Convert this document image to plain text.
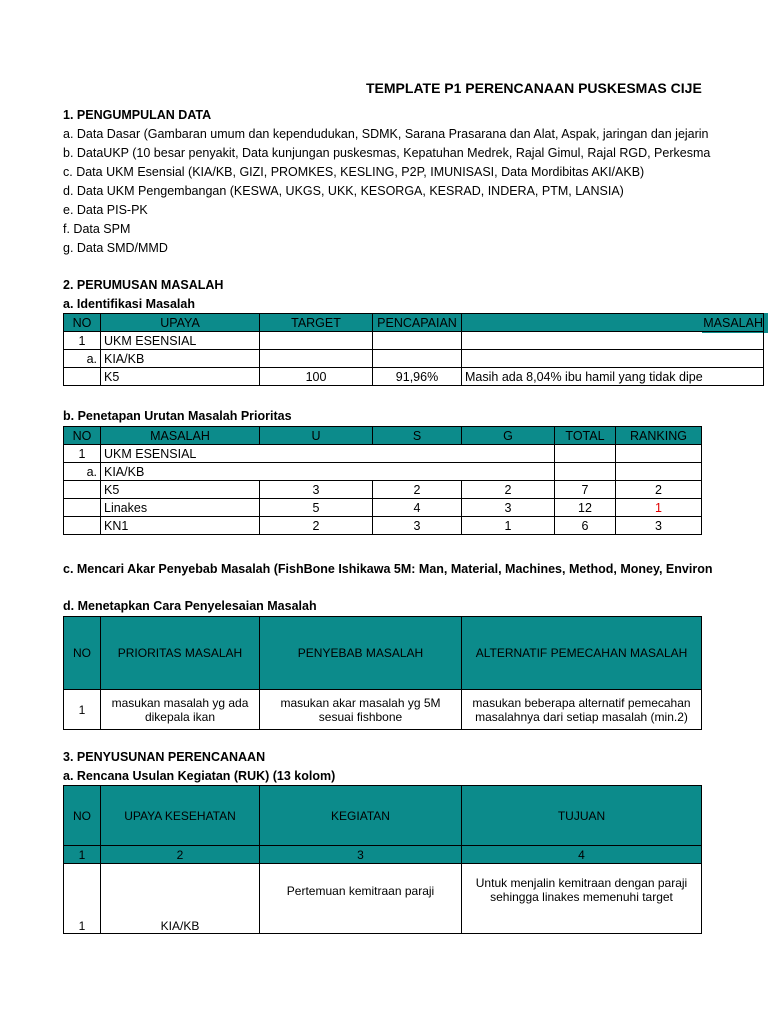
TEMPLATE P1 PERENCANAAN PUSKESMAS CIJE
1. PENGUMPULAN DATA
a. Data Dasar (Gambaran umum dan kependudukan, SDMK, Sarana Prasarana dan Alat, Aspak, jaringan dan jejarin
b. DataUKP (10 besar penyakit, Data kunjungan puskesmas, Kepatuhan Medrek, Rajal Gimul, Rajal RGD, Perkesma
c. Data UKM Esensial (KIA/KB, GIZI, PROMKES, KESLING, P2P, IMUNISASI, Data Mordibitas AKI/AKB)
d. Data UKM Pengembangan (KESWA, UKGS, UKK, KESORGA, KESRAD, INDERA, PTM, LANSIA)
e. Data PIS-PK
f. Data SPM
g. Data SMD/MMD
2. PERUMUSAN MASALAH
a. Identifikasi Masalah
NO	UPAYA	TARGET	PENCAPAIAN	MASALAH
1	UKM ESENSIAL			
a.	KIA/KB			
	K5	100	91,96%	Masih ada 8,04% ibu hamil yang tidak dipe
b. Penetapan Urutan Masalah Prioritas
NO	MASALAH	U	S	G	TOTAL	RANKING
1	UKM ESENSIAL					
a.	KIA/KB					
	K5	3	2	2	7	2
	Linakes	5	4	3	12	1
	KN1	2	3	1	6	3
c. Mencari Akar Penyebab Masalah (FishBone Ishikawa 5M: Man, Material, Machines, Method, Money, Environ
d. Menetapkan Cara Penyelesaian Masalah
NO	PRIORITAS MASALAH	PENYEBAB MASALAH	ALTERNATIF PEMECAHAN MASALAH
1	masukan masalah yg ada dikepala ikan	masukan akar masalah yg 5M sesuai fishbone	masukan beberapa alternatif pemecahan masalahnya dari setiap masalah (min.2)
3. PENYUSUNAN PERENCANAAN
a. Rencana Usulan Kegiatan (RUK) (13 kolom)
NO	UPAYA KESEHATAN	KEGIATAN	TUJUAN
1	2	3	4
1	KIA/KB	Pertemuan kemitraan paraji	Untuk menjalin kemitraan dengan paraji sehingga linakes memenuhi target
